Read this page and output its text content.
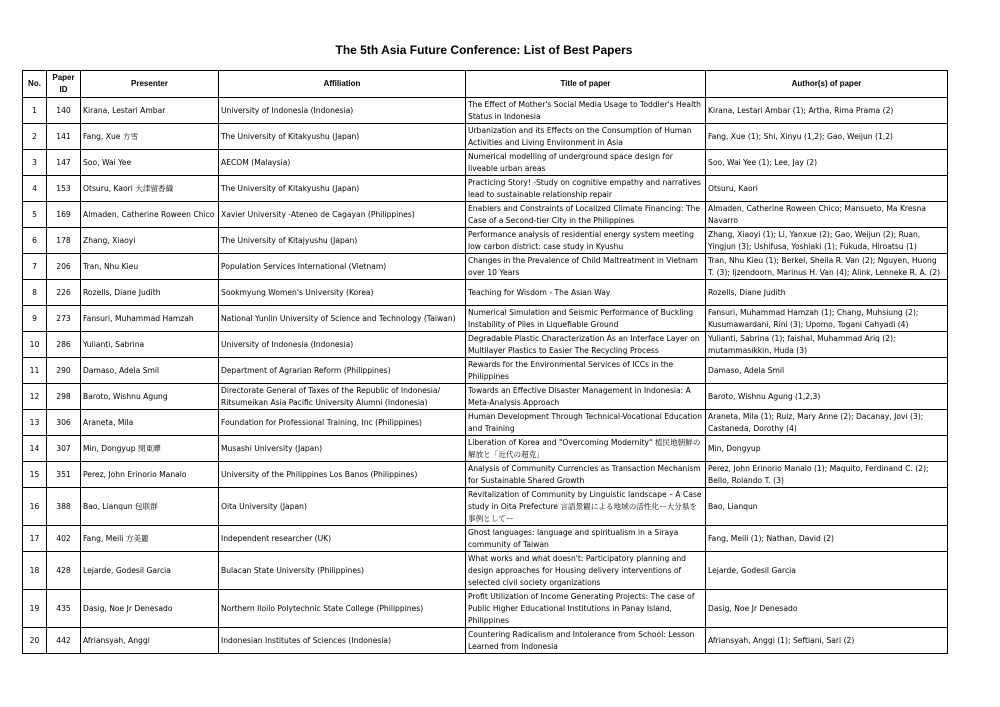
The 5th Asia Future Conference: List of Best Papers
No.	Paper ID	Presenter	Affiliation	Title of paper	Author(s) of paper
1	140	Kirana, Lestari Ambar	University of Indonesia (Indonesia)	The Effect of Mother's Social Media Usage to Toddler's Health Status in Indonesia	Kirana, Lestari Ambar (1); Artha, Rima Prama (2)
2	141	Fang, Xue 方雪	The University of Kitakyushu (Japan)	Urbanization and its Effects on the Consumption of Human Activities and Living Environment in Asia	Fang, Xue (1); Shi, Xinyu (1,2); Gao, Weijun (1,2)
3	147	Soo, Wai Yee	AECOM (Malaysia)	Numerical modelling of underground space design for liveable urban areas	Soo, Wai Yee (1); Lee, Jay (2)
4	153	Otsuru, Kaori 大津留香織	The University of Kitakyushu (Japan)	Practicing Story! -Study on cognitive empathy and narratives lead to sustainable relationship repair	Otsuru, Kaori
5	169	Almaden, Catherine Roween Chico	Xavier University -Ateneo de Cagayan (Philippines)	Enablers and Constraints of Localized Climate Financing: The Case of a Second-tier City in the Philippines	Almaden, Catherine Roween Chico; Mansueto, Ma Kresna Navarro
6	178	Zhang, Xiaoyi	The University of Kitajyushu (Japan)	Performance analysis of residential energy system meeting low carbon district: case study in Kyushu	Zhang, Xiaoyi (1); Li, Yanxue (2); Gao, Weijun (2); Ruan, Yingjun (3); Ushifusa, Yoshiaki (1); Fukuda, Hiroatsu (1)
7	206	Tran, Nhu Kieu	Population Services International (Vietnam)	Changes in the Prevalence of Child Maltreatment in Vietnam over 10 Years	Tran, Nhu Kieu (1); Berkel, Sheila R. Van (2); Nguyen, Huong T. (3); Ijzendoorn, Marinus H. Van (4); Alink, Lenneke R. A. (2)
8	226	Rozells, Diane Judith	Sookmyung Women's University (Korea)	Teaching for Wisdom - The Asian Way	Rozells, Diane Judith
9	273	Fansuri, Muhammad Hamzah	National Yunlin University of Science and Technology (Taiwan)	Numerical Simulation and Seismic Performance of Buckling Instability of Piles in Liquefiable Ground	Fansuri, Muhammad Hamzah (1); Chang, Muhsiung (2); Kusumawardani, Rini (3); Upomo, Togani Cahyadi (4)
10	286	Yulianti, Sabrina	University of Indonesia (Indonesia)	Degradable Plastic Characterization As an Interface Layer on Multilayer Plastics to Easier The Recycling Process	Yulianti, Sabrina (1); faishal, Muhammad Ariq (2); mutammasikkin, Huda (3)
11	290	Damaso, Adela Smil	Department of Agrarian Reform (Philippines)	Rewards for the Environmental Services of ICCs in the Philippines	Damaso, Adela Smil
12	298	Baroto, Wishnu Agung	Directorate General of Taxes of the Republic of Indonesia/ Ritsumeikan Asia Pacific University Alumni (Indonesia)	Towards an Effective Disaster Management in Indonesia: A Meta-Analysis Approach	Baroto, Wishnu Agung (1,2,3)
13	306	Araneta, Mila	Foundation for Professional Training, Inc (Philippines)	Human Development Through Technical-Vocational Education and Training	Araneta, Mila (1); Ruiz, Mary Anne (2); Dacanay, Jovi (3); Castaneda, Dorothy (4)
14	307	Min, Dongyup 閔東曄	Musashi University (Japan)	Liberation of Korea and "Overcoming Modernity" 植民地朝鮮の解放と「近代の超克」	Min, Dongyup
15	351	Perez, John Erinorio Manalo	University of the Philippines Los Banos (Philippines)	Analysis of Community Currencies as Transaction Mechanism for Sustainable Shared Growth	Perez, John Erinorio Manalo (1); Maquito, Ferdinand C. (2); Bello, Rolando T. (3)
16	388	Bao, Lianqun 包联群	Oita University (Japan)	Revitalization of Community by Linguistic landscape – A Case study in Oita Prefecture 言語景観による地域の活性化ー大分県を事例としてー	Bao, Lianqun
17	402	Fang, Meili 方美麗	Independent researcher (UK)	Ghost languages: language and spiritualism in a Siraya community of Taiwan	Fang, Meili (1); Nathan, David (2)
18	428	Lejarde, Godesil Garcia	Bulacan State University (Philippines)	What works and what doesn't: Participatory planning and design approaches for Housing delivery interventions of selected civil society organizations	Lejarde, Godesil Garcia
19	435	Dasig, Noe Jr Denesado	Northern Iloilo Polytechnic State College (Philippines)	Profit Utilization of Income Generating Projects: The case of Public Higher Educational Institutions in Panay Island, Philippines	Dasig, Noe Jr Denesado
20	442	Afriansyah, Anggi	Indonesian Institutes of Sciences (Indonesia)	Countering Radicalism and Intolerance from School: Lesson Learned from Indonesia	Afriansyah, Anggi (1); Seftiani, Sari (2)
